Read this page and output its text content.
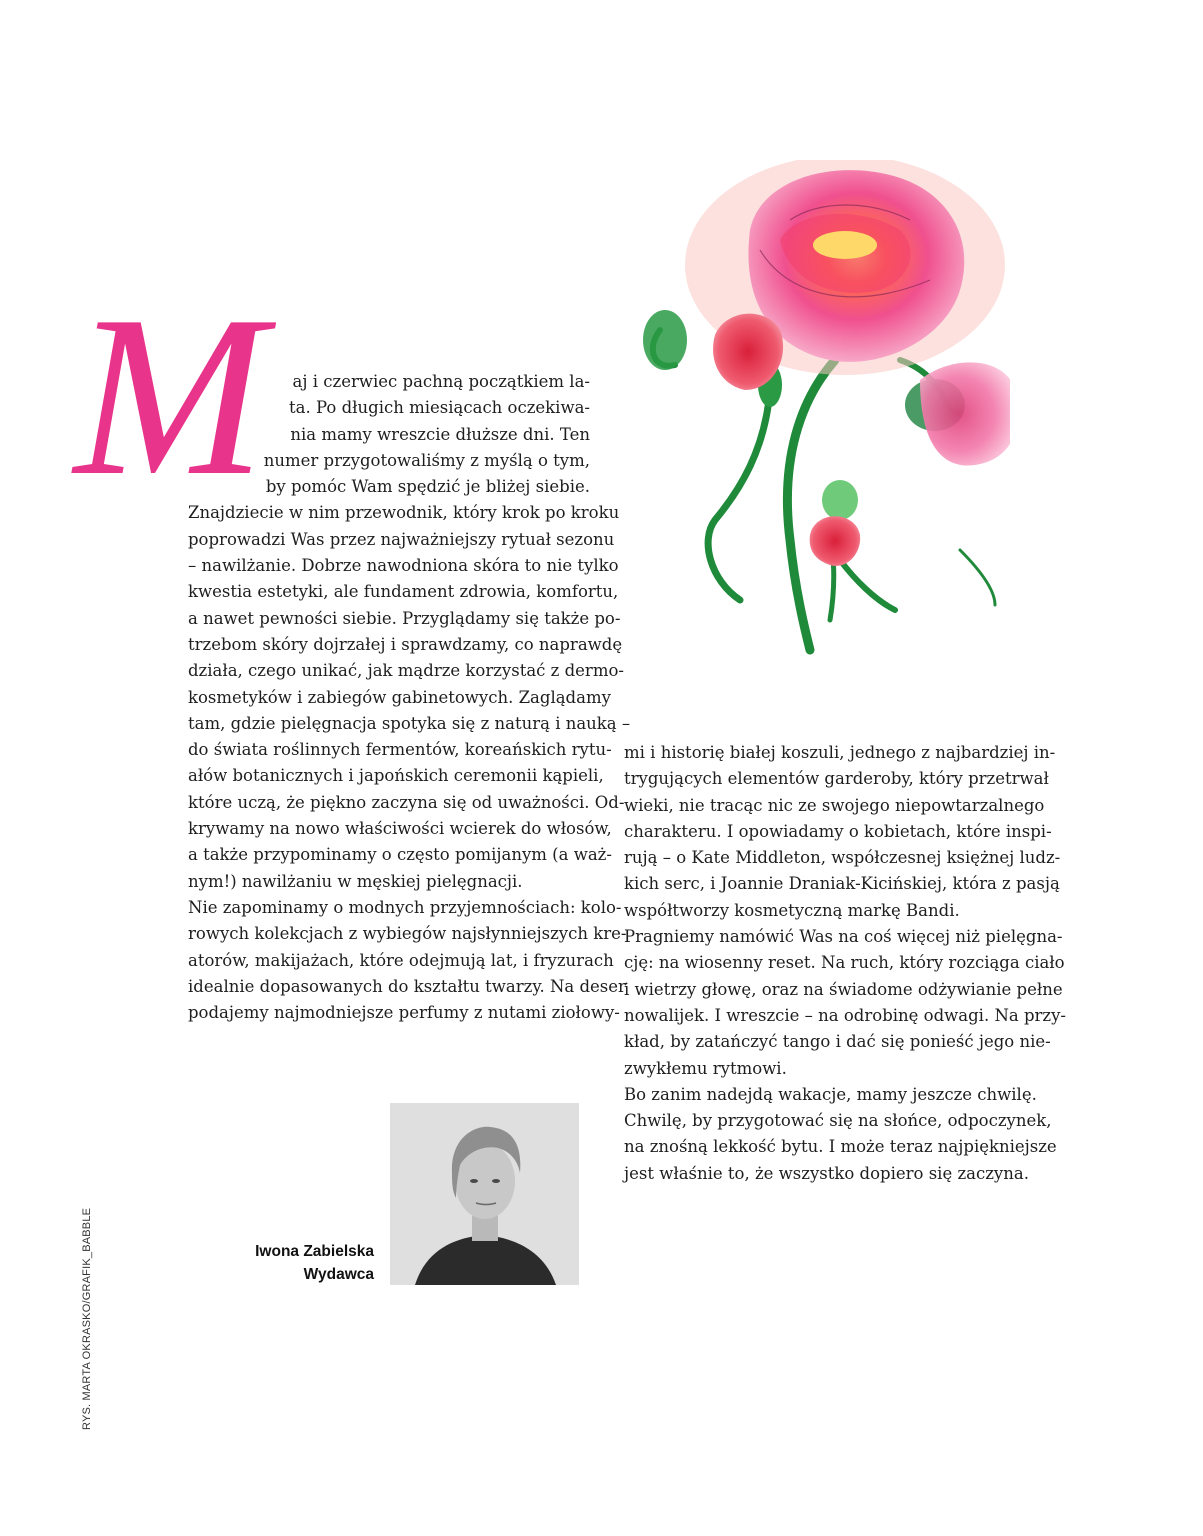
M	aj i czerwiec pachną początkiem la-
ta. Po długich miesiącach oczekiwa-
nia mamy wreszcie dłuższe dni. Ten
numer przygotowaliśmy z myślą o tym,
by pomóc Wam spędzić je bliżej siebie.
Znajdziecie w nim przewodnik, który krok po kroku
poprowadzi Was przez najważniejszy rytuał sezonu
– nawilżanie. Dobrze nawodniona skóra to nie tylko
kwestia estetyki, ale fundament zdrowia, komfortu,
a nawet pewności siebie. Przyglądamy się także po-
trzebom skóry dojrzałej i sprawdzamy, co naprawdę
działa, czego unikać, jak mądrze korzystać z dermo-
kosmetyków i zabiegów gabinetowych. Zaglądamy
tam, gdzie pielęgnacja spotyka się z naturą i nauką –
do świata roślinnych fermentów, koreańskich rytu-
ałów botanicznych i japońskich ceremonii kąpieli,
które uczą, że piękno zaczyna się od uważności. Od-
krywamy na nowo właściwości wcierek do włosów,
a także przypominamy o często pomijanym (a waż-
nym!) nawilżaniu w męskiej pielęgnacji.

Nie zapominamy o modnych przyjemnościach: kolo-
rowych kolekcjach z wybiegów najsłynniejszych kre-
atorów, makijażach, które odejmują lat, i fryzurach
idealnie dopasowanych do kształtu twarzy. Na deser
podajemy najmodniejsze perfumy z nutami ziołowy-

mi i historię białej koszuli, jednego z najbardziej in-
trygujących elementów garderoby, który przetrwał
wieki, nie tracąc nic ze swojego niepowtarzalnego
charakteru. I opowiadamy o kobietach, które inspi-
rują – o Kate Middleton, współczesnej księżnej ludz-
kich serc, i Joannie Draniak-Kicińskiej, która z pasją
współtworzy kosmetyczną markę Bandi.

Pragniemy namówić Was na coś więcej niż pielęgna-
cję: na wiosenny reset. Na ruch, który rozciąga ciało
i wietrzy głowę, oraz na świadome odżywianie pełne
nowalijek. I wreszcie – na odrobinę odwagi. Na przy-
kład, by zatańczyć tango i dać się ponieść jego nie-
zwykłemu rytmowi.

Bo zanim nadejdą wakacje, mamy jeszcze chwilę.
Chwilę, by przygotować się na słońce, odpoczynek,
na znośną lekkość bytu. I może teraz najpiękniejsze
jest właśnie to, że wszystko dopiero się zaczyna.

Iwona Zabielska
Wydawca
RYS. MARTA OKRASKO/GRAFIK_BABBLE
